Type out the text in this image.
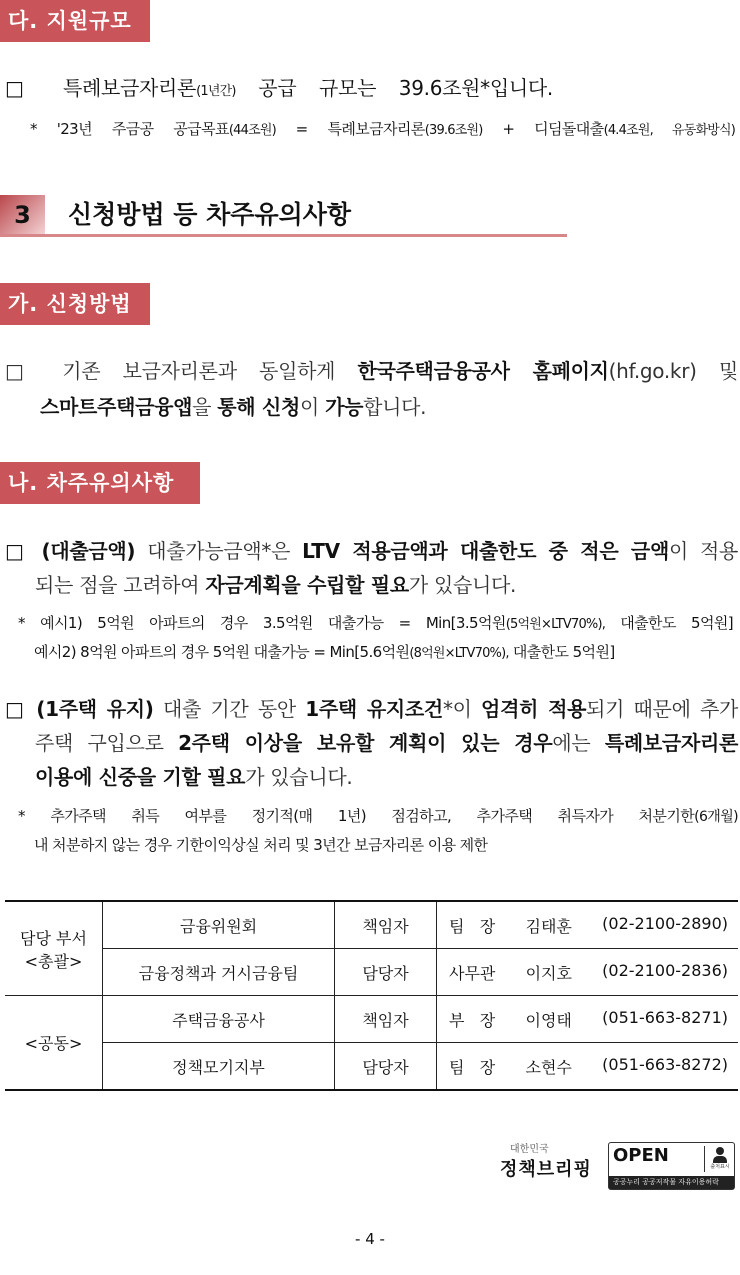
다. 지원규모
□ 특례보금자리론(1년간) 공급 규모는 39.6조원*입니다.
* '23년 주금공 공급목표(44조원) = 특례보금자리론(39.6조원) + 디딤돌대출(4.4조원, 유동화방식)
3	신청방법 등 차주유의사항
가. 신청방법
□ 기존 보금자리론과 동일하게 한국주택금융공사 홈페이지(hf.go.kr) 및
스마트주택금융앱을 통해 신청이 가능합니다.
나. 차주유의사항
□ (대출금액) 대출가능금액*은 LTV 적용금액과 대출한도 중 적은 금액이 적용
되는 점을 고려하여 자금계획을 수립할 필요가 있습니다.
* 예시1) 5억원 아파트의 경우 3.5억원 대출가능 = Min[3.5억원(5억원×LTV70%), 대출한도 5억원]
예시2) 8억원 아파트의 경우 5억원 대출가능 = Min[5.6억원(8억원×LTV70%), 대출한도 5억원]
□ (1주택 유지) 대출 기간 동안 1주택 유지조건*이 엄격히 적용되기 때문에 추가
주택 구입으로 2주택 이상을 보유할 계획이 있는 경우에는 특례보금자리론
이용에 신중을 기할 필요가 있습니다.
* 추가주택 취득 여부를 정기적(매 1년) 점검하고, 추가주택 취득자가 처분기한(6개월)
내 처분하지 않는 경우 기한이익상실 처리 및 3년간 보금자리론 이용 제한
담당 부서
<총괄>	금융위원회	책임자	팀   장 김태훈 (02-2100-2890)

	금융정책과 거시금융팀	담당자	사무관 이지호 (02-2100-2836)

<공동>	주택금융공사	책임자	부   장 이영태 (051-663-8271)

	정책모기지부	담당자	팀   장 소현수 (051-663-8272)
대한민국
정책브리핑
OPEN
출처표시
공공누리 공공저작물 자유이용허락
- 4 -
